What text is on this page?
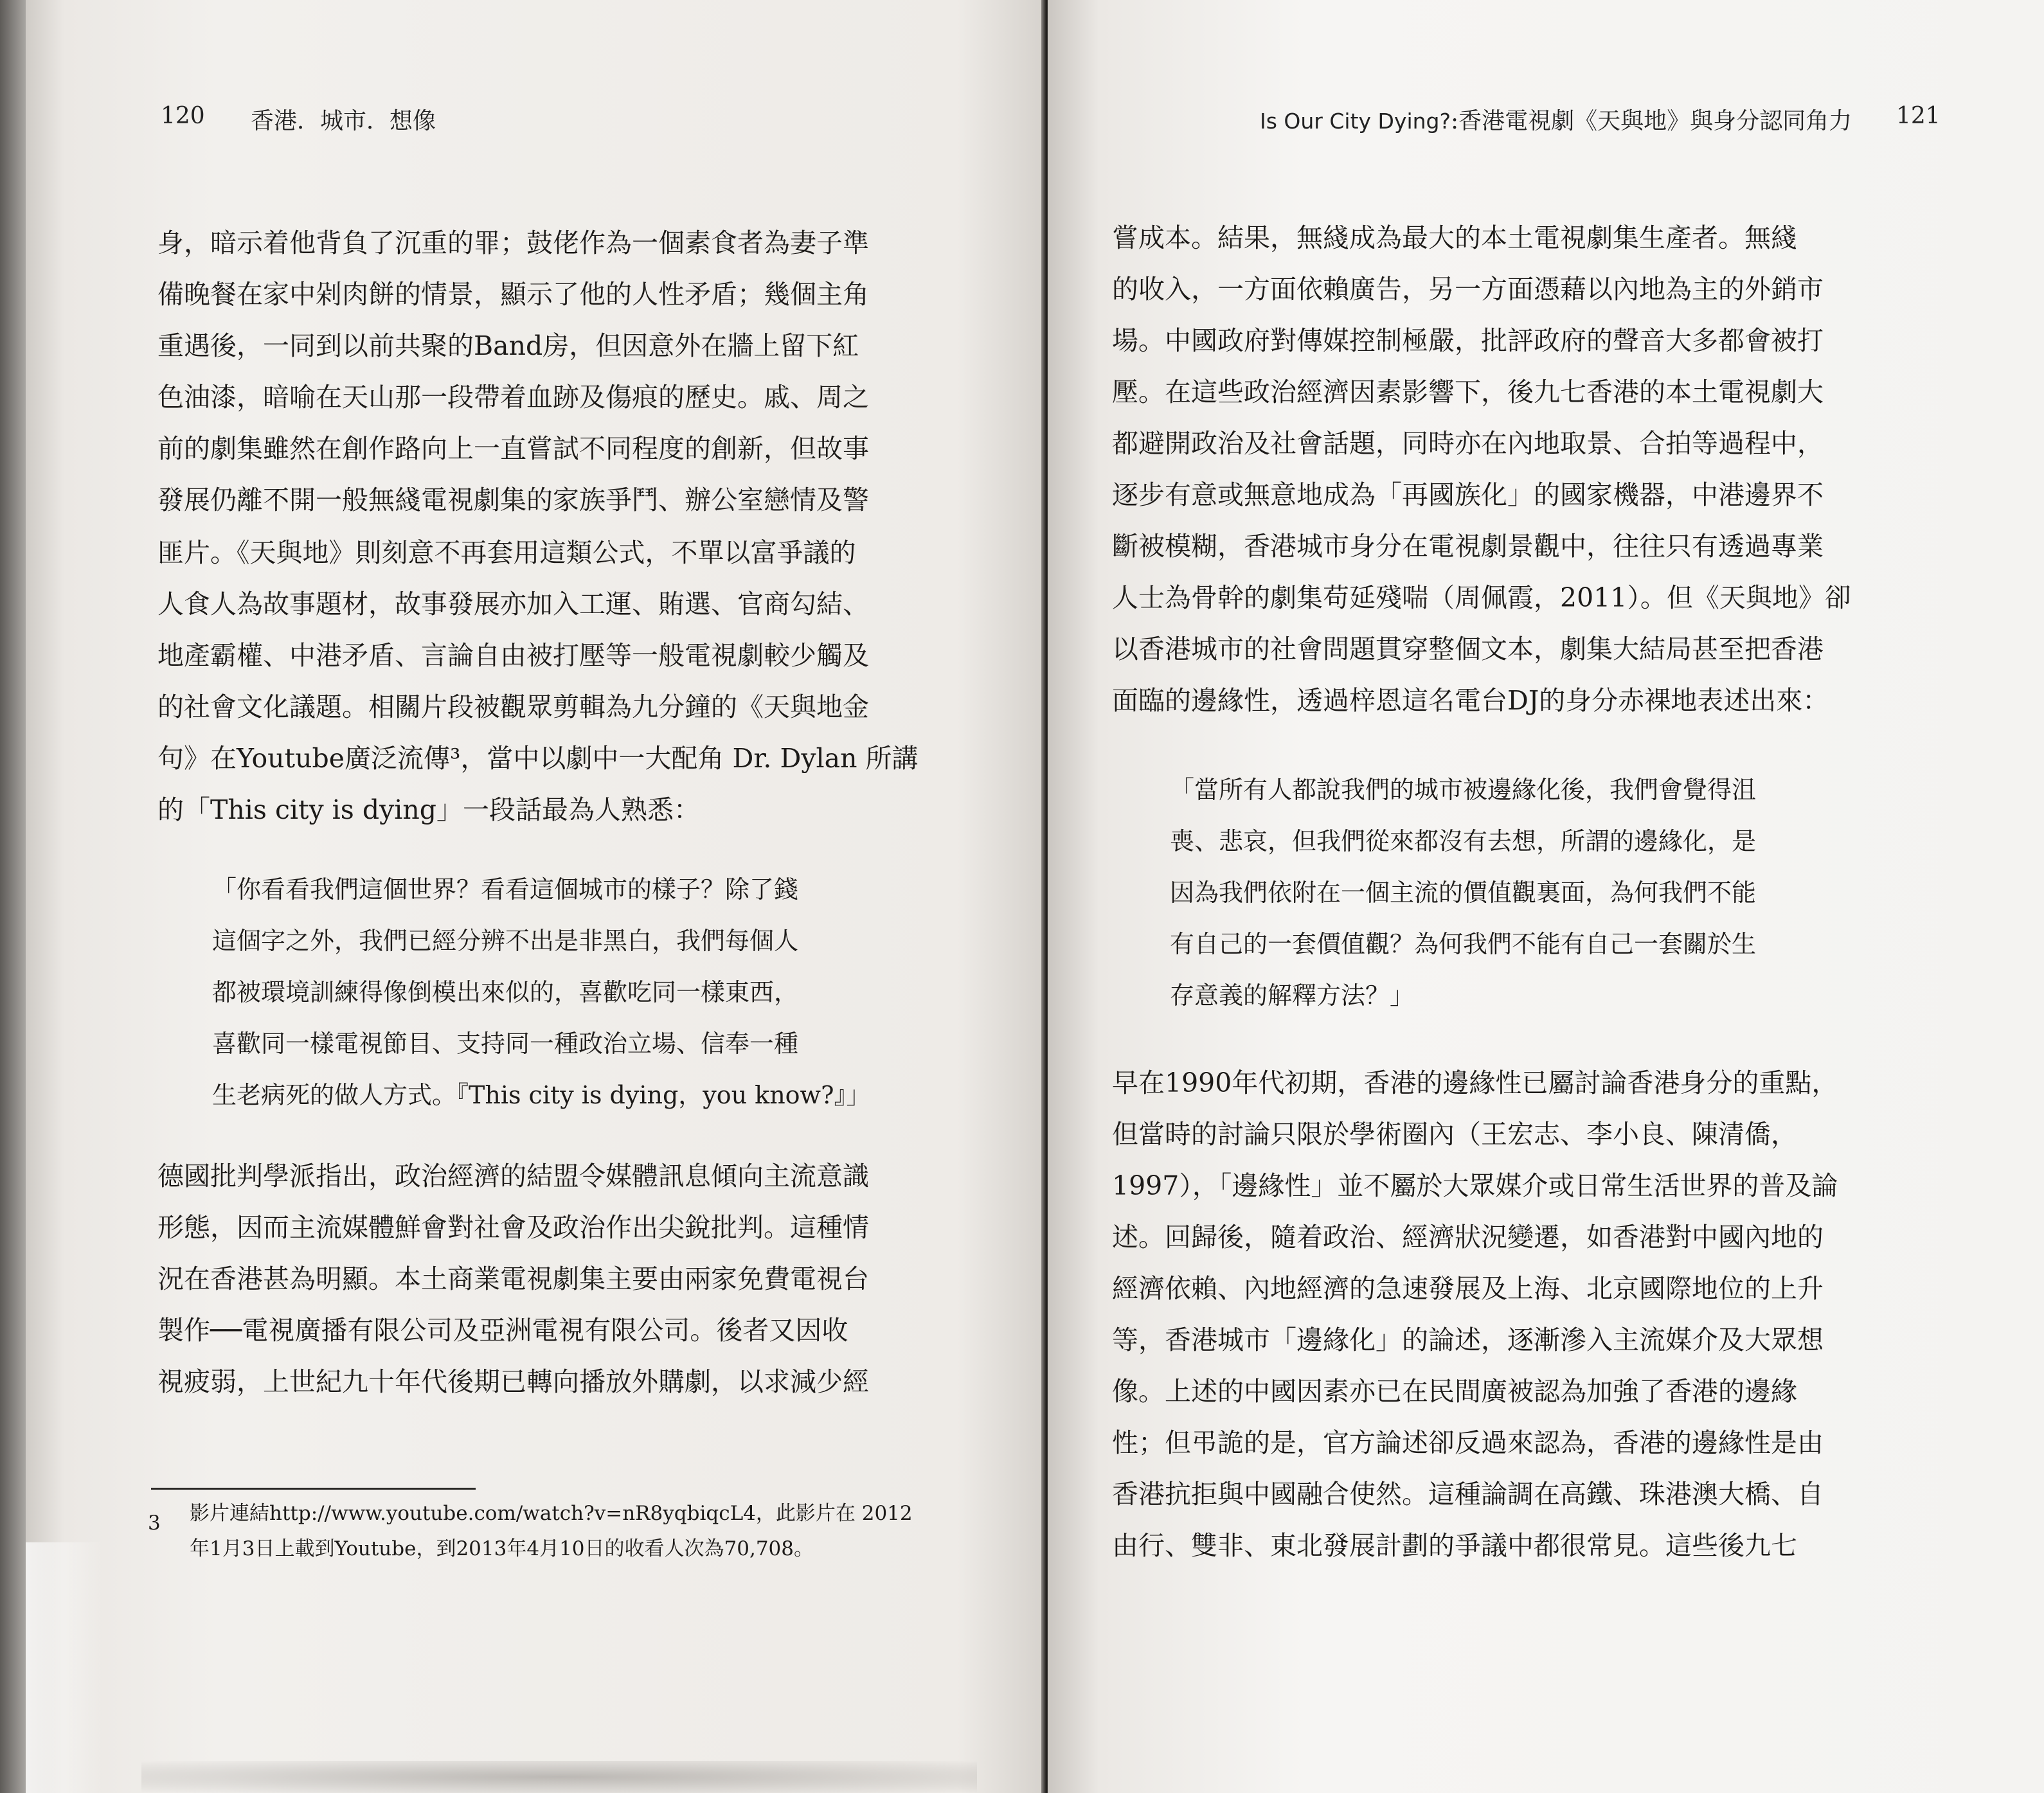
120 香港．城市．想像
身，暗示着他背負了沉重的罪；鼓佬作為一個素食者為妻子準
備晚餐在家中剁肉餅的情景，顯示了他的人性矛盾；幾個主角
重遇後，一同到以前共聚的Band房，但因意外在牆上留下紅
色油漆，暗喻在天山那一段帶着血跡及傷痕的歷史。戚、周之
前的劇集雖然在創作路向上一直嘗試不同程度的創新，但故事
發展仍離不開一般無綫電視劇集的家族爭鬥、辦公室戀情及警
匪片。《天與地》則刻意不再套用這類公式，不單以富爭議的
人食人為故事題材，故事發展亦加入工運、賄選、官商勾結、
地產霸權、中港矛盾、言論自由被打壓等一般電視劇較少觸及
的社會文化議題。相關片段被觀眾剪輯為九分鐘的《天與地金
句》在Youtube廣泛流傳³，當中以劇中一大配角 Dr. Dylan 所講
的「This city is dying」一段話最為人熟悉：
「你看看我們這個世界？看看這個城市的樣子？除了錢
這個字之外，我們已經分辨不出是非黑白，我們每個人
都被環境訓練得像倒模出來似的，喜歡吃同一樣東西，
喜歡同一樣電視節目、支持同一種政治立場、信奉一種
生老病死的做人方式。『This city is dying，you know?』」
德國批判學派指出，政治經濟的結盟令媒體訊息傾向主流意識
形態，因而主流媒體鮮會對社會及政治作出尖銳批判。這種情
況在香港甚為明顯。本土商業電視劇集主要由兩家免費電視台
製作──電視廣播有限公司及亞洲電視有限公司。後者又因收
視疲弱，上世紀九十年代後期已轉向播放外購劇，以求減少經
3 影片連結http://www.youtube.com/watch?v=nR8yqbiqcL4，此影片在 2012
年1月3日上載到Youtube，到2013年4月10日的收看人次為70,708。
Is Our City Dying?:香港電視劇《天與地》與身分認同角力 121
嘗成本。結果，無綫成為最大的本土電視劇集生產者。無綫
的收入，一方面依賴廣告，另一方面憑藉以內地為主的外銷市
場。中國政府對傳媒控制極嚴，批評政府的聲音大多都會被打
壓。在這些政治經濟因素影響下，後九七香港的本土電視劇大
都避開政治及社會話題，同時亦在內地取景、合拍等過程中，
逐步有意或無意地成為「再國族化」的國家機器，中港邊界不
斷被模糊，香港城市身分在電視劇景觀中，往往只有透過專業
人士為骨幹的劇集苟延殘喘（周佩霞，2011）。但《天與地》卻
以香港城市的社會問題貫穿整個文本，劇集大結局甚至把香港
面臨的邊緣性，透過梓恩這名電台DJ的身分赤裸地表述出來：
「當所有人都說我們的城市被邊緣化後，我們會覺得沮
喪、悲哀，但我們從來都沒有去想，所謂的邊緣化，是
因為我們依附在一個主流的價值觀裏面，為何我們不能
有自己的一套價值觀？為何我們不能有自己一套關於生
存意義的解釋方法？」
早在1990年代初期，香港的邊緣性已屬討論香港身分的重點，
但當時的討論只限於學術圈內（王宏志、李小良、陳清僑，
1997），「邊緣性」並不屬於大眾媒介或日常生活世界的普及論
述。回歸後，隨着政治、經濟狀況變遷，如香港對中國內地的
經濟依賴、內地經濟的急速發展及上海、北京國際地位的上升
等，香港城市「邊緣化」的論述，逐漸滲入主流媒介及大眾想
像。上述的中國因素亦已在民間廣被認為加強了香港的邊緣
性；但弔詭的是，官方論述卻反過來認為，香港的邊緣性是由
香港抗拒與中國融合使然。這種論調在高鐵、珠港澳大橋、自
由行、雙非、東北發展計劃的爭議中都很常見。這些後九七
